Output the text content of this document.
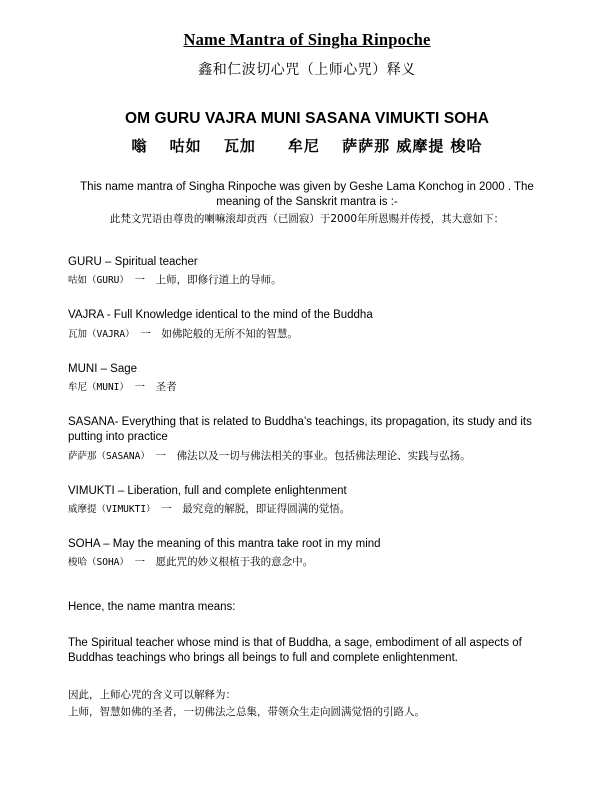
Name Mantra of Singha Rinpoche
鑫和仁波切心咒（上师心咒）释义
OM GURU VAJRA MUNI SASANA VIMUKTI SOHA
嗡　 咕如　 瓦加　　牟尼　 萨萨那 威摩提 梭哈
This name mantra of Singha Rinpoche was given by Geshe Lama Konchog in 2000 . The meaning of the Sanskrit mantra is :-
此梵文咒语由尊贵的喇嘛滚却贡西（已圆寂）于2000年所恩赐并传授，其大意如下：
GURU – Spiritual teacher
咕如（GURU）　一　上师，即修行道上的导师。
VAJRA - Full Knowledge identical to the mind of the Buddha
瓦加（VAJRA）　一　如佛陀般的无所不知的智慧。
MUNI – Sage
牟尼（MUNI）　一　圣者
SASANA- Everything that is related to Buddha’s teachings, its propagation, its study and its putting into practice
萨萨那（SASANA）　一　佛法以及一切与佛法相关的事业。包括佛法理论、实践与弘扬。
VIMUKTI – Liberation, full and complete enlightenment
威摩提（VIMUKTI）　一　最究竟的解脱，即证得圆满的觉悟。
SOHA – May the meaning of this mantra take root in my mind
梭哈（SOHA）　一　愿此咒的妙义根植于我的意念中。
Hence, the name mantra means:
The Spiritual teacher whose mind is that of Buddha, a sage, embodiment of all aspects of Buddhas teachings who brings all beings to full and complete enlightenment.
因此，上师心咒的含义可以解释为：
上师，智慧如佛的圣者，一切佛法之总集，带领众生走向圆满觉悟的引路人。
